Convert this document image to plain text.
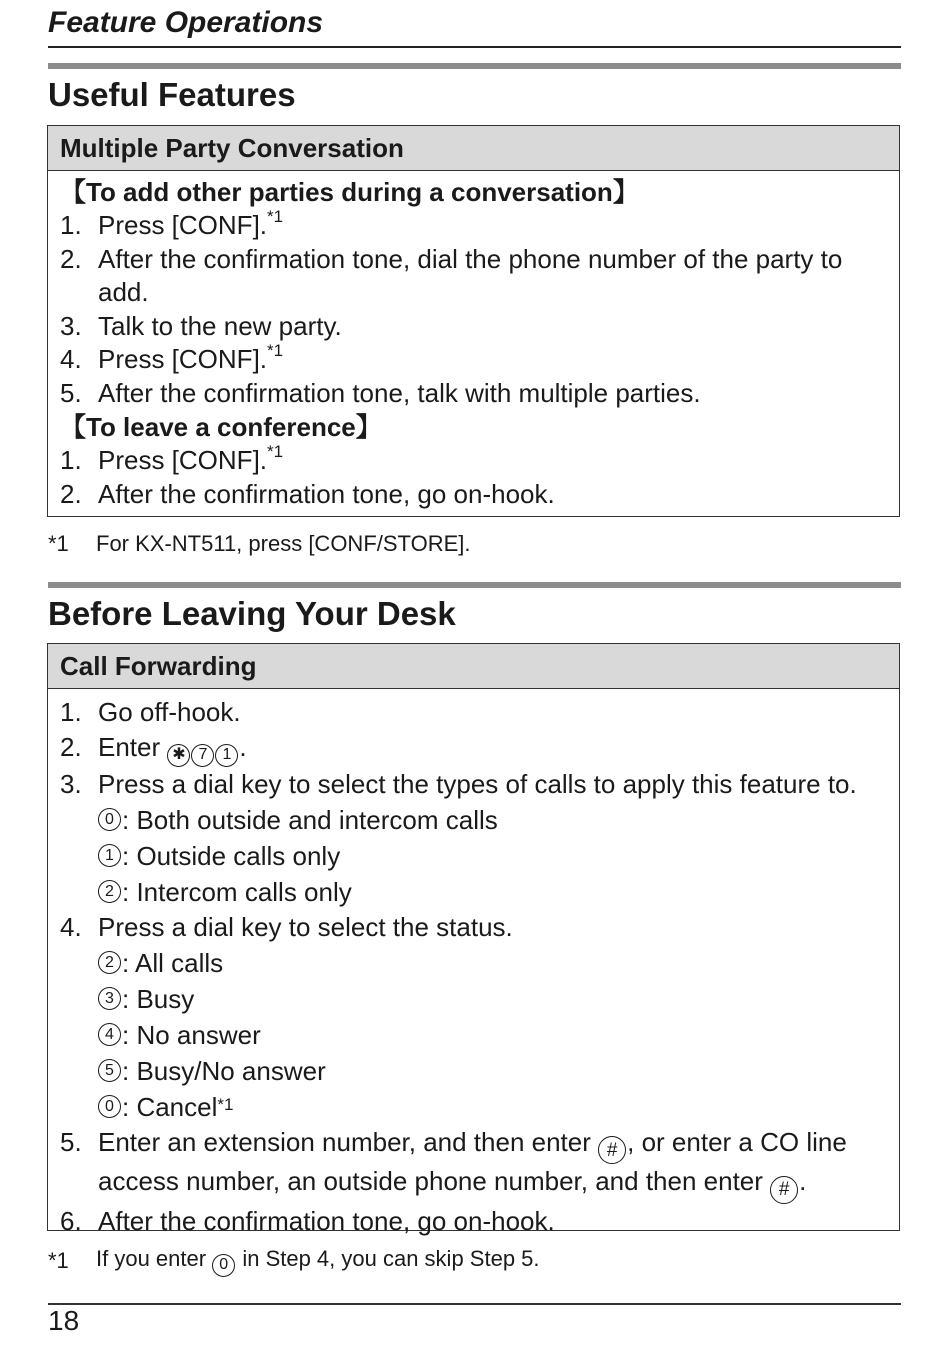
Feature Operations
Useful Features
Multiple Party Conversation
【To add other parties during a conversation】
1. Press [CONF].$^{*1}$
2. After the confirmation tone, dial the phone number of the party to add.
3. Talk to the new party.
4. Press [CONF].$^{*1}$
5. After the confirmation tone, talk with multiple parties.
【To leave a conference】
1. Press [CONF].$^{*1}$
2. After the confirmation tone, go on-hook.
*1	For KX-NT511, press [CONF/STORE].
Before Leaving Your Desk
Call Forwarding
1. Go off-hook.
2. Enter ✱ 7 1 .
3. Press a dial key to select the types of calls to apply this feature to.
0 : Both outside and intercom calls
1 : Outside calls only
2 : Intercom calls only
4. Press a dial key to select the status.
2 : All calls
3 : Busy
4 : No answer
5 : Busy/No answer
0 : Cancel$^{*1}$
5. Enter an extension number, and then enter # , or enter a CO line access number, an outside phone number, and then enter # .
6. After the confirmation tone, go on-hook.
*1	If you enter 0 in Step 4, you can skip Step 5.
18
